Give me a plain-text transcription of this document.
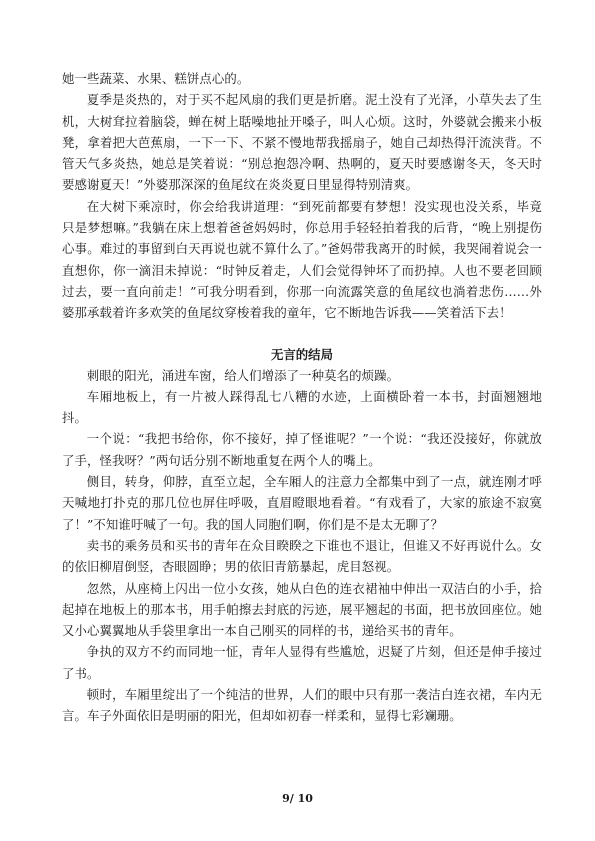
她一些蔬菜、水果、糕饼点心的。

夏季是炎热的，对于买不起风扇的我们更是折磨。泥土没有了光泽，小草失去了生机，大树耷拉着脑袋，蝉在树上聒噪地扯开嗓子，叫人心烦。这时，外婆就会搬来小板凳，拿着把大芭蕉扇，一下一下、不紧不慢地帮我摇扇子，她自己却热得汗流浃背。不管天气多炎热，她总是笑着说：“别总抱怨冷啊、热啊的，夏天时要感谢冬天，冬天时要感谢夏天！”外婆那深深的鱼尾纹在炎炎夏日里显得特别清爽。

在大树下乘凉时，你会给我讲道理：“到死前都要有梦想！没实现也没关系，毕竟只是梦想嘛。”我躺在床上想着爸爸妈妈时，你总用手轻轻拍着我的后背，“晚上别提伤心事。难过的事留到白天再说也就不算什么了。”爸妈带我离开的时候，我哭闹着说会一直想你，你一滴泪未掉说：“时钟反着走，人们会觉得钟坏了而扔掉。人也不要老回顾过去，要一直向前走！”可我分明看到，你那一向流露笑意的鱼尾纹也淌着悲伤……外婆那承载着许多欢笑的鱼尾纹穿梭着我的童年，它不断地告诉我——笑着活下去！

无言的结局

刺眼的阳光，涌进车窗，给人们增添了一种莫名的烦躁。

车厢地板上，有一片被人踩得乱七八糟的水迹，上面横卧着一本书，封面翘翘地抖。

一个说：“我把书给你，你不接好，掉了怪谁呢？”一个说：“我还没接好，你就放了手，怪我呀？”两句话分别不断地重复在两个人的嘴上。

侧目，转身，仰脖，直至立起，全车厢人的注意力全都集中到了一点，就连刚才呼天喊地打扑克的那几位也屏住呼吸，直眉瞪眼地看着。“有戏看了，大家的旅途不寂寞了！”不知谁吁喊了一句。我的国人同胞们啊，你们是不是太无聊了？

卖书的乘务员和买书的青年在众目睽睽之下谁也不退让，但谁又不好再说什么。女的依旧柳眉倒竖，杏眼圆睁；男的依旧青筋暴起，虎目怒视。

忽然，从座椅上闪出一位小女孩，她从白色的连衣裙袖中伸出一双洁白的小手，拾起掉在地板上的那本书，用手帕擦去封底的污迹，展平翘起的书面，把书放回座位。她又小心翼翼地从手袋里拿出一本自己刚买的同样的书，递给买书的青年。

争执的双方不约而同地一怔，青年人显得有些尴尬，迟疑了片刻，但还是伸手接过了书。

顿时，车厢里绽出了一个纯洁的世界，人们的眼中只有那一袭洁白连衣裙，车内无言。车子外面依旧是明丽的阳光，但却如初春一样柔和，显得七彩斓珊。

9/ 10
